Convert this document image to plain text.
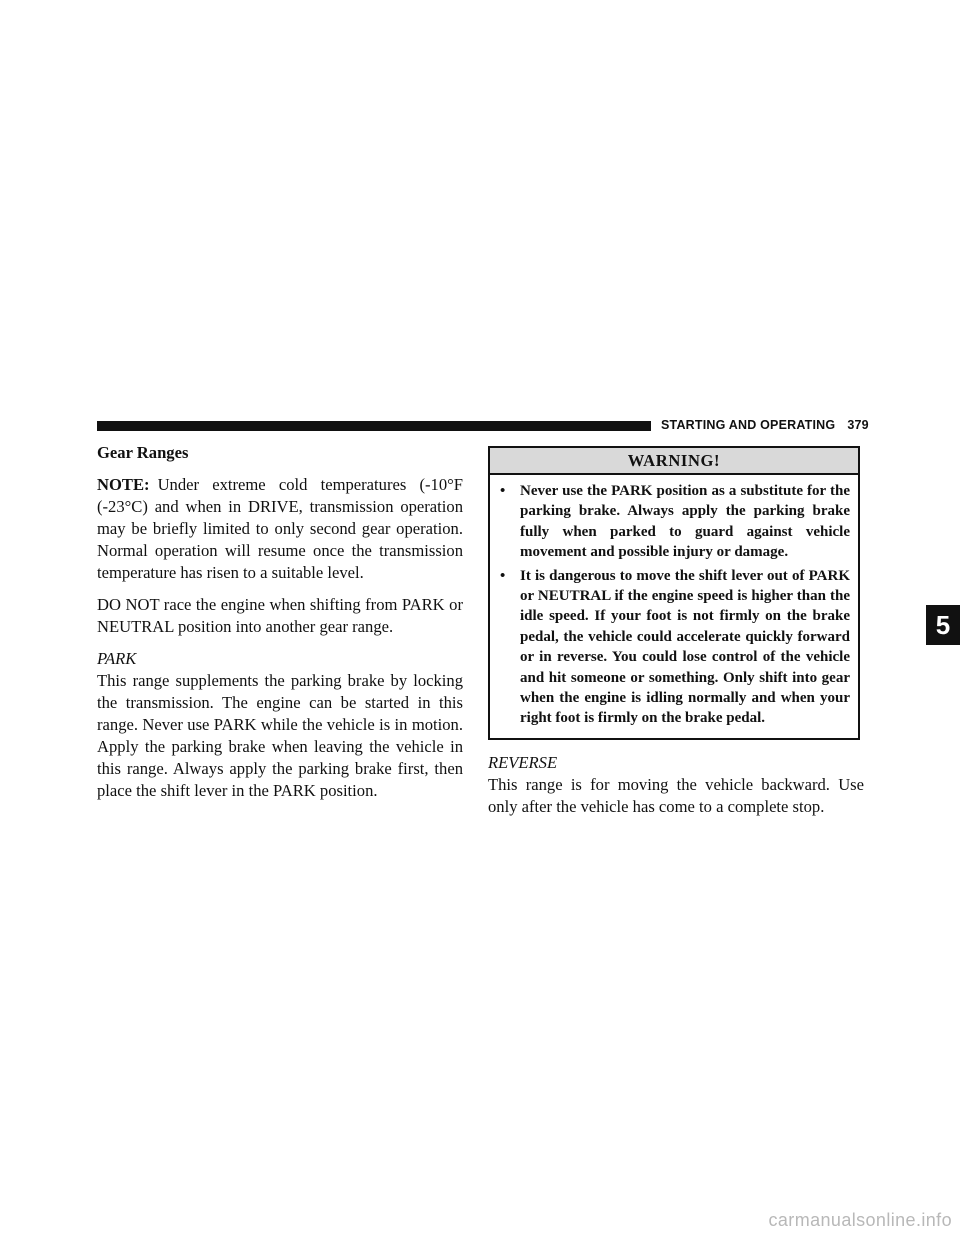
STARTING AND OPERATING 379
Gear Ranges

NOTE: Under extreme cold temperatures (-10°F (-23°C) and when in DRIVE, transmission operation may be briefly limited to only second gear operation. Normal operation will resume once the transmission temperature has risen to a suitable level.

DO NOT race the engine when shifting from PARK or NEUTRAL position into another gear range.

PARK
This range supplements the parking brake by locking the transmission. The engine can be started in this range. Never use PARK while the vehicle is in motion. Apply the parking brake when leaving the vehicle in this range. Always apply the parking brake first, then place the shift lever in the PARK position.

WARNING!
• Never use the PARK position as a substitute for the parking brake. Always apply the parking brake fully when parked to guard against vehicle movement and possible injury or damage.
• It is dangerous to move the shift lever out of PARK or NEUTRAL if the engine speed is higher than the idle speed. If your foot is not firmly on the brake pedal, the vehicle could accelerate quickly forward or in reverse. You could lose control of the vehicle and hit someone or something. Only shift into gear when the engine is idling normally and when your right foot is firmly on the brake pedal.

REVERSE
This range is for moving the vehicle backward. Use only after the vehicle has come to a complete stop.

5
carmanualsonline.info
